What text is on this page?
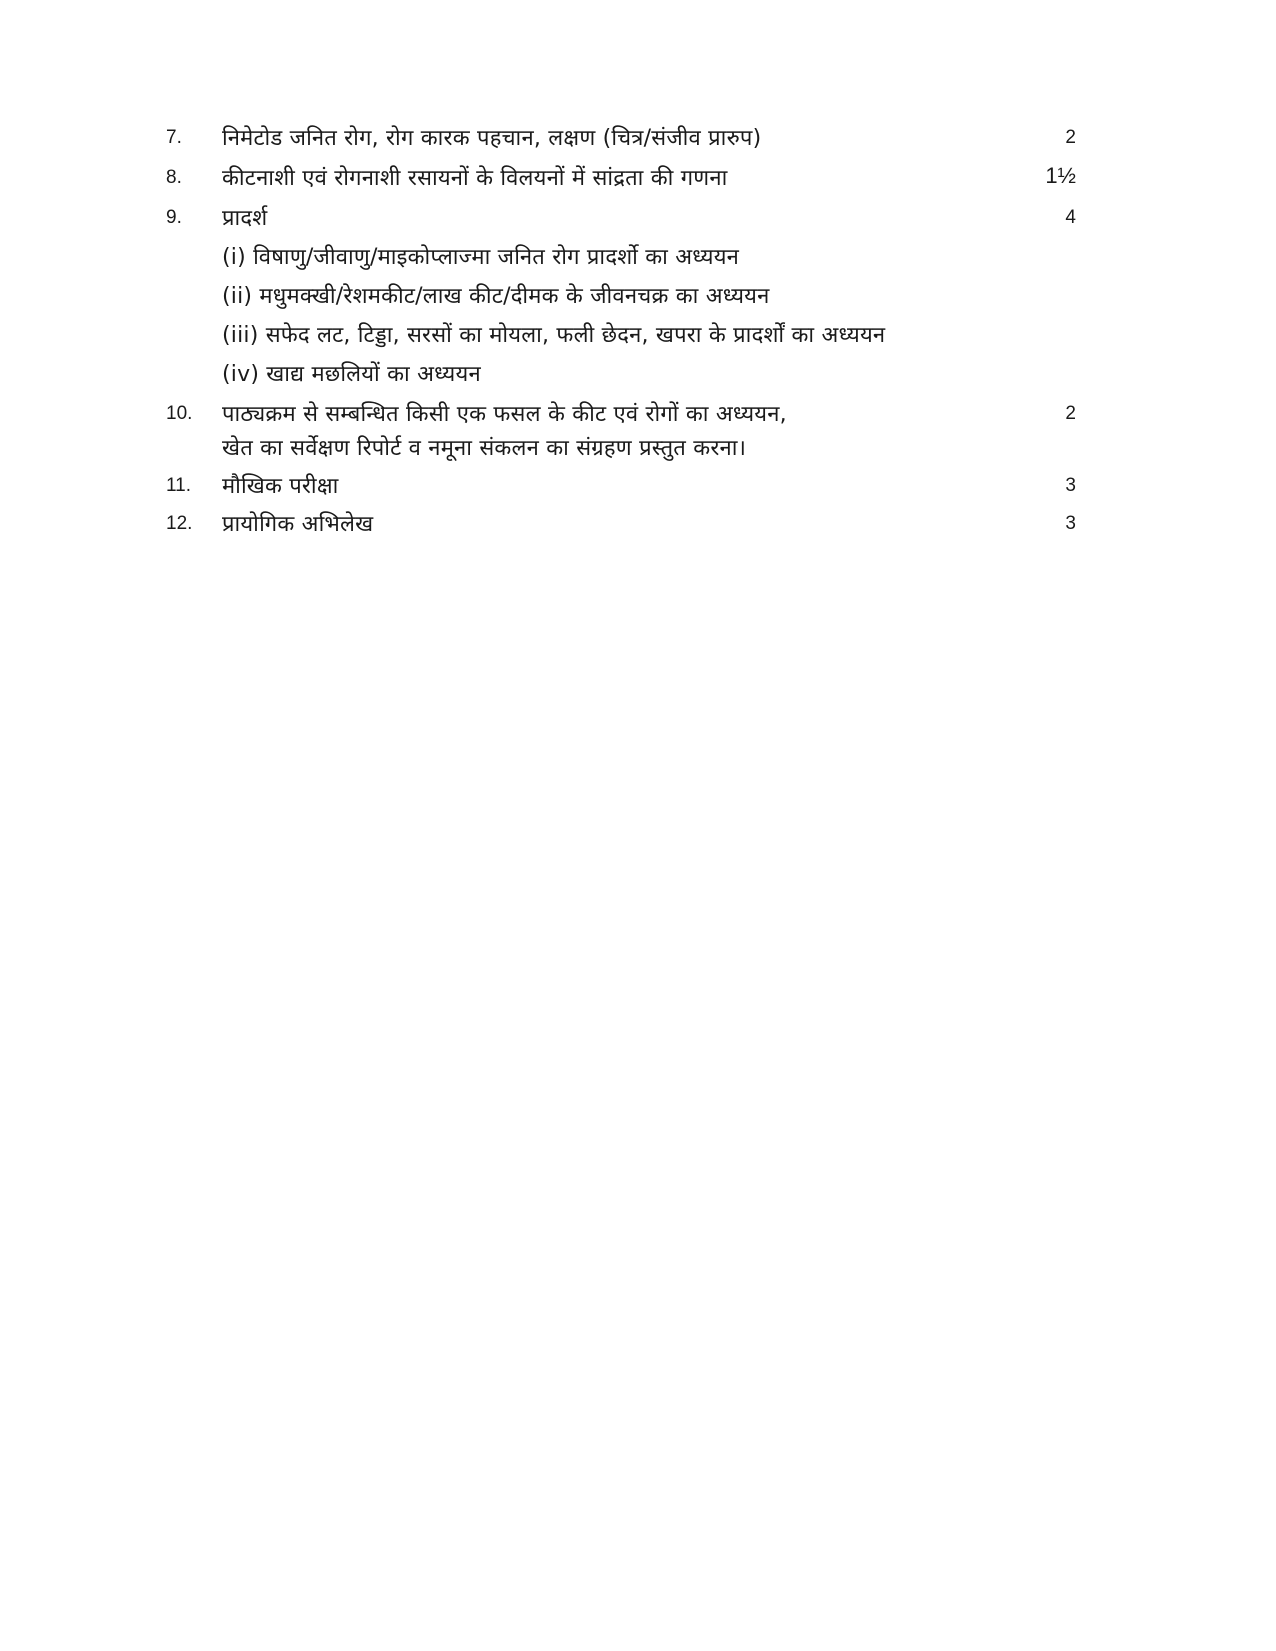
7. निमेटोड जनित रोग, रोग कारक पहचान, लक्षण (चित्र/संजीव प्रारुप)	2
8. कीटनाशी एवं रोगनाशी रसायनों के विलयनों में सांद्रता की गणना	1½
9. प्रादर्श	4
(i) विषाणु/जीवाणु/माइकोप्लाज्मा जनित रोग प्रादर्शो का अध्ययन
(ii) मधुमक्खी/रेशमकीट/लाख कीट/दीमक के जीवनचक्र का अध्ययन
(iii) सफेद लट, टिड्डा, सरसों का मोयला, फली छेदन, खपरा के प्रादर्शों का अध्ययन
(iv) खाद्य मछलियों का अध्ययन
10. पाठ्यक्रम से सम्बन्धित किसी एक फसल के कीट एवं रोगों का अध्ययन,	2
खेत का सर्वेक्षण रिपोर्ट व नमूना संकलन का संग्रहण प्रस्तुत करना।
11. मौखिक परीक्षा	3
12. प्रायोगिक अभिलेख	3
